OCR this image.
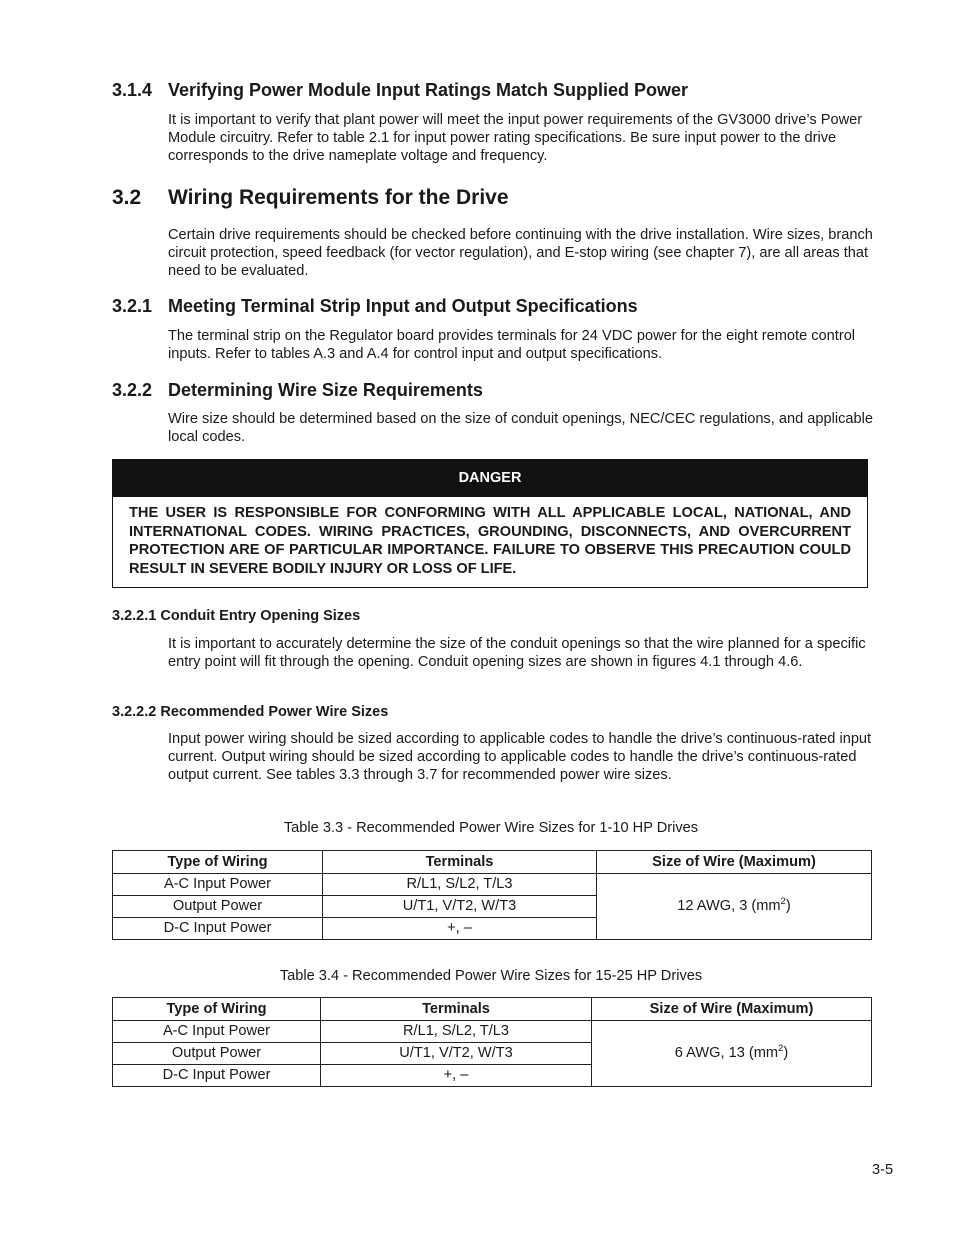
3.1.4 Verifying Power Module Input Ratings Match Supplied Power

It is important to verify that plant power will meet the input power requirements of the GV3000 drive’s Power Module circuitry. Refer to table 2.1 for input power rating specifications. Be sure input power to the drive corresponds to the drive nameplate voltage and frequency.

3.2 Wiring Requirements for the Drive

Certain drive requirements should be checked before continuing with the drive installation. Wire sizes, branch circuit protection, speed feedback (for vector regulation), and E-stop wiring (see chapter 7), are all areas that need to be evaluated.

3.2.1 Meeting Terminal Strip Input and Output Specifications

The terminal strip on the Regulator board provides terminals for 24 VDC power for the eight remote control inputs. Refer to tables A.3 and A.4 for control input and output specifications.

3.2.2 Determining Wire Size Requirements

Wire size should be determined based on the size of conduit openings, NEC/CEC regulations, and applicable local codes.

DANGER
THE USER IS RESPONSIBLE FOR CONFORMING WITH ALL APPLICABLE LOCAL, NATIONAL, AND INTERNATIONAL CODES. WIRING PRACTICES, GROUNDING, DISCONNECTS, AND OVERCURRENT PROTECTION ARE OF PARTICULAR IMPORTANCE. FAILURE TO OBSERVE THIS PRECAUTION COULD RESULT IN SEVERE BODILY INJURY OR LOSS OF LIFE.
3.2.2.1 Conduit Entry Opening Sizes

It is important to accurately determine the size of the conduit openings so that the wire planned for a specific entry point will fit through the opening. Conduit opening sizes are shown in figures 4.1 through 4.6.

3.2.2.2 Recommended Power Wire Sizes

Input power wiring should be sized according to applicable codes to handle the drive’s continuous-rated input current. Output wiring should be sized according to applicable codes to handle the drive’s continuous-rated output current. See tables 3.3 through 3.7 for recommended power wire sizes.

Table 3.3 - Recommended Power Wire Sizes for 1-10 HP Drives

Type of Wiring	Terminals	Size of Wire (Maximum)
A-C Input Power	R/L1, S/L2, T/L3	12 AWG, 3 $(mm^2)$
Output Power	U/T1, V/T2, W/T3	
D-C Input Power	+, –	

Table 3.4 - Recommended Power Wire Sizes for 15-25 HP Drives

Type of Wiring	Terminals	Size of Wire (Maximum)
A-C Input Power	R/L1, S/L2, T/L3	6 AWG, 13 $(mm^2)$
Output Power	U/T1, V/T2, W/T3	
D-C Input Power	+, –	
3-5
